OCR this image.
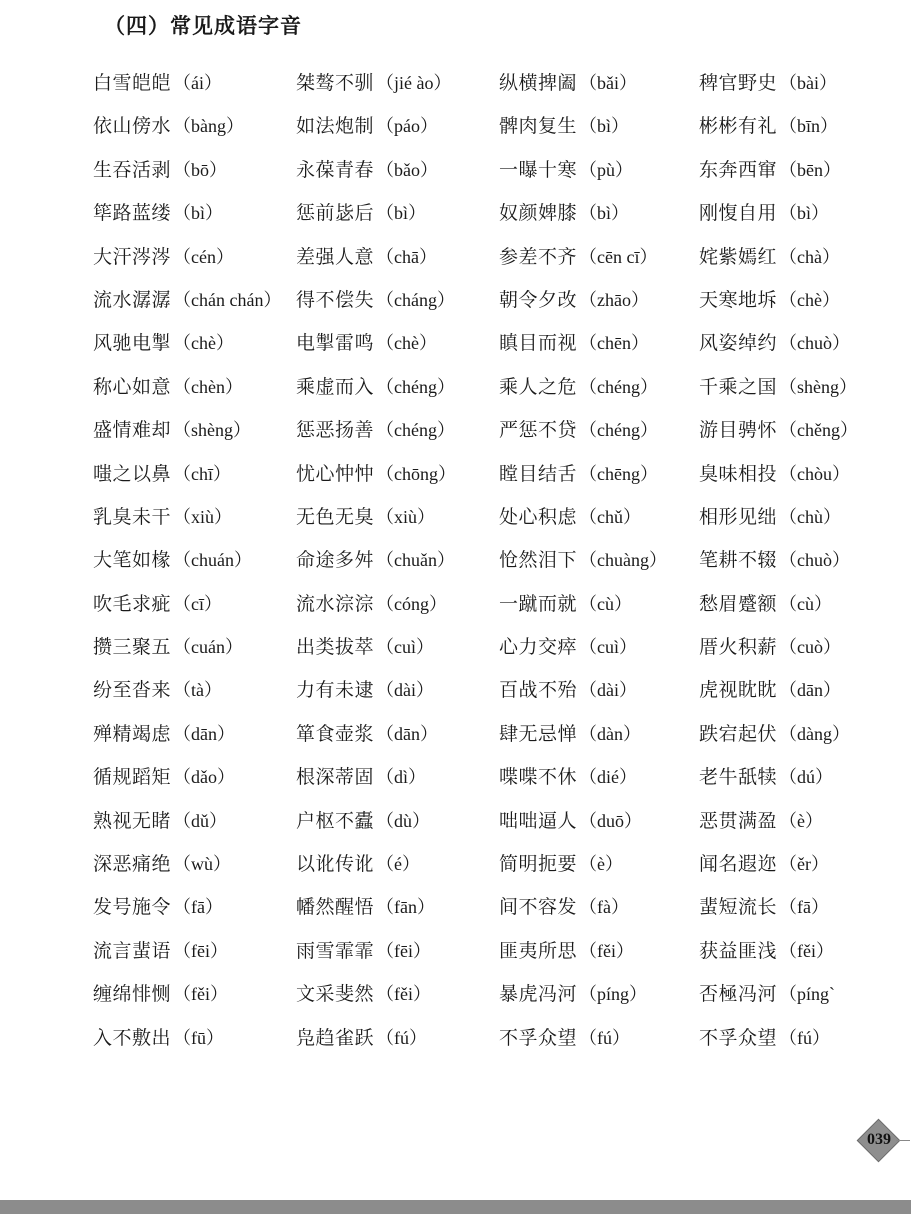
（四）常见成语字音
白雪皑皑 （ái）	桀骜不驯 （jié ào）	纵横捭阖 （bǎi）	稗官野史 （bài）
依山傍水 （bàng）	如法炮制 （páo）	髀肉复生 （bì）	彬彬有礼 （bīn）
生吞活剥 （bō）	永葆青春 （bǎo）	一曝十寒 （pù）	东奔西窜 （bēn）
筚路蓝缕 （bì）	惩前毖后 （bì）	奴颜婢膝 （bì）	刚愎自用 （bì）
大汗涔涔 （cén）	差强人意 （chā）	参差不齐 （cēn cī） 姹紫嫣红 （chà）
流水潺潺 （chán chán） 得不偿失 （cháng） 朝令夕改 （zhāo）	天寒地坼 （chè）
风驰电掣 （chè）	电掣雷鸣 （chè）	瞋目而视 （chēn）	风姿绰约 （chuò）
称心如意 （chèn）	乘虚而入 （chéng） 乘人之危 （chéng） 千乘之国 （shèng）
盛情难却 （shèng） 惩恶扬善 （chéng） 严惩不贷 （chéng） 游目骋怀 （chěng）
嗤之以鼻 （chī）	忧心忡忡 （chōng） 瞠目结舌 （chēng） 臭味相投 （chòu）
乳臭未干 （xiù）	无色无臭 （xiù）	处心积虑 （chǔ）	相形见绌 （chù）
大笔如椽 （chuán） 命途多舛 （chuǎn） 怆然泪下 （chuàng） 笔耕不辍 （chuò）
吹毛求疵 （cī）	流水淙淙 （cóng）	一蹴而就 （cù）	愁眉蹙额 （cù）
攒三聚五 （cuán）	出类拔萃 （cuì）	心力交瘁 （cuì）	厝火积薪 （cuò）
纷至沓来 （tà）	力有未逮 （dài）	百战不殆 （dài）	虎视眈眈 （dān）
殚精竭虑 （dān）	箪食壶浆 （dān）	肆无忌惮 （dàn）	跌宕起伏 （dàng）
循规蹈矩 （dǎo）	根深蒂固 （dì）	喋喋不休 （dié）	老牛舐犊 （dú）
熟视无睹 （dǔ）	户枢不蠹 （dù）	咄咄逼人 （duō）	恶贯满盈 （è）
深恶痛绝 （wù）	以讹传讹 （é）	简明扼要 （è）	闻名遐迩 （ěr）
发号施令 （fā）	幡然醒悟 （fān）	间不容发 （fà）	蜚短流长 （fā）
流言蜚语 （fēi）	雨雪霏霏 （fēi）	匪夷所思 （fěi）	获益匪浅 （fěi）
缠绵悱恻 （fěi）	文采斐然 （fěi）	暴虎冯河 （píng）	否極冯河 （píng`
入不敷出 （fū）	凫趋雀跃 （fú）	不孚众望 （fú）	不孚众望 （fú）
039
